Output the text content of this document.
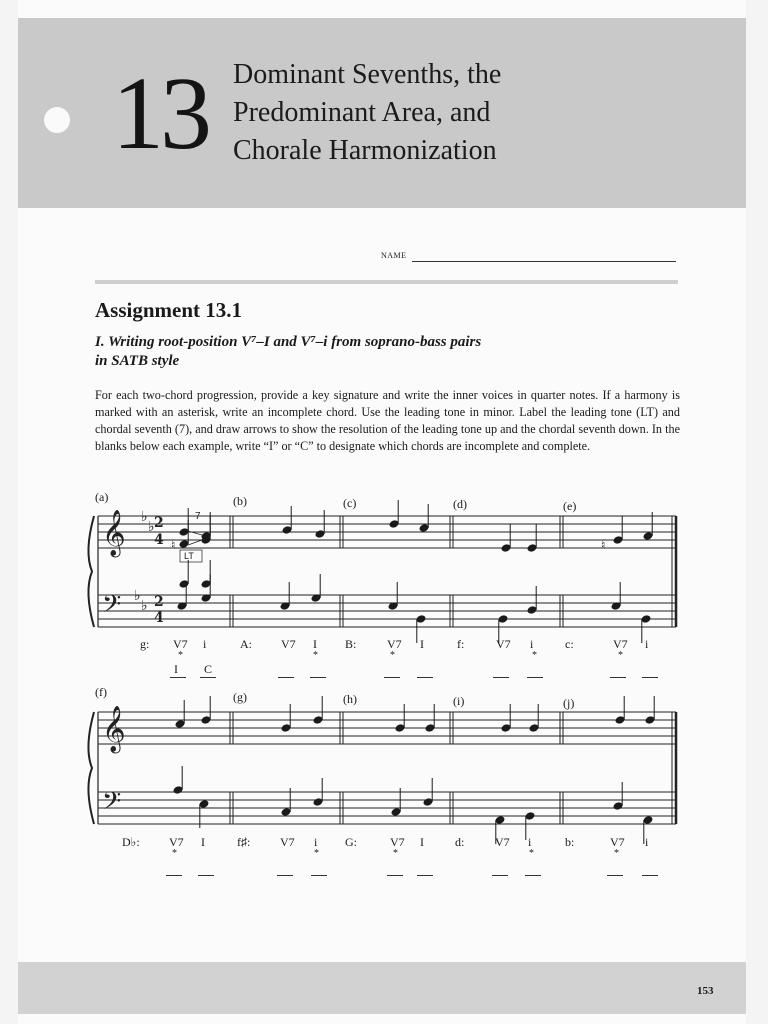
13 Dominant Sevenths, the
Predominant Area, and
Chorale Harmonization
NAME
Assignment 13.1
I. Writing root-position V⁷–I and V⁷–i from soprano-bass pairs
in SATB style
For each two-chord progression, provide a key signature and write the inner voices in quarter notes. If a harmony is marked with an asterisk, write an incomplete chord. Use the leading tone in minor. Label the leading tone (LT) and chordal seventh (7), and draw arrows to show the resolution of the leading tone up and the chordal seventh down. In the blanks below each example, write “I” or “C” to designate which chords are incomplete and complete.
(a)	(b)	(c)	(d)	(e)
(f)	(g)	(h)	(i)	(j)
𝄞
𝄢
♭
♭ 2
4
2
4
♭
♭
7
♮
LT
♮
𝄞
𝄢
g: V7 i
*
I C
A: V7 I
*
B:	V7 I
*
f:	V7 i
*
c:	V7 i
*
D♭: V7 I
*
f♯: V7 i
*
G:	V7 I
*
d:	V7 i
*
b:	V7 i
*
153
